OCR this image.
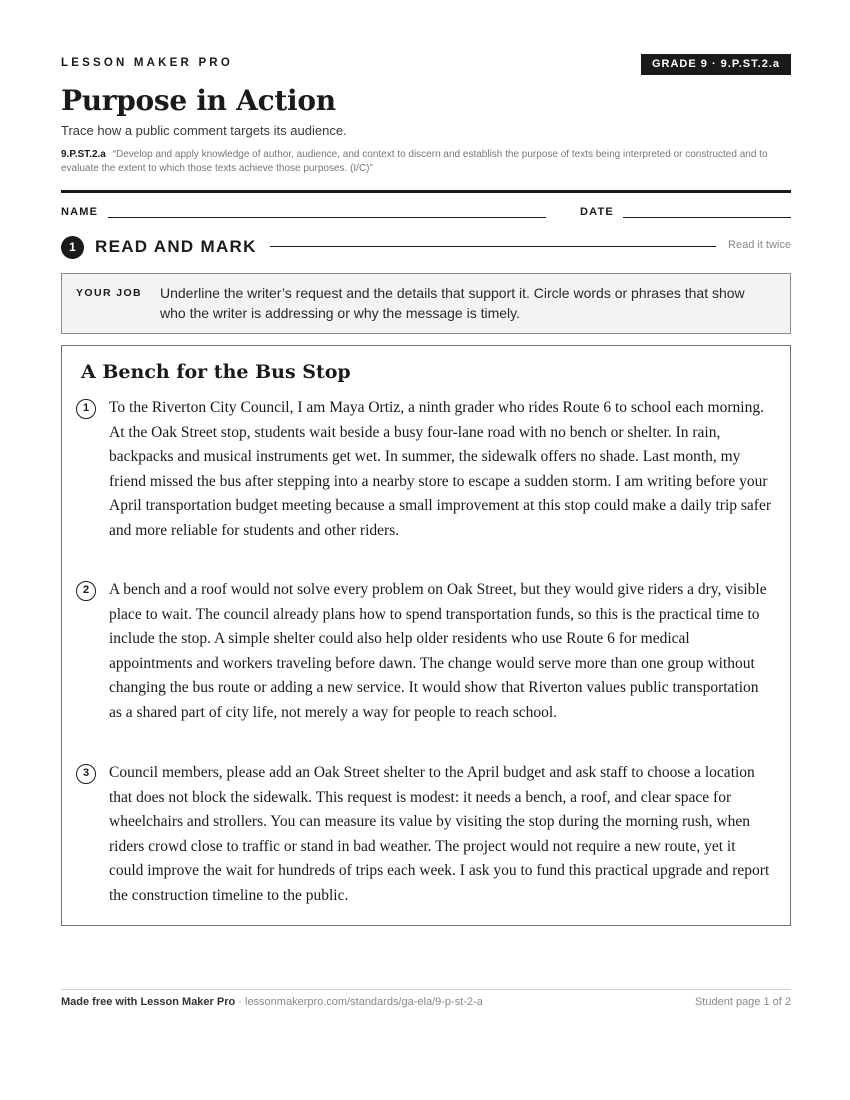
LESSON MAKER PRO	GRADE 9 · 9.P.ST.2.a
Purpose in Action
Trace how a public comment targets its audience.
9.P.ST.2.a “Develop and apply knowledge of author, audience, and context to discern and establish the purpose of texts being interpreted or constructed and to evaluate the extent to which those texts achieve those purposes. (I/C)”
NAME	DATE
1	READ AND MARK	Read it twice
YOUR JOB Underline the writer’s request and the details that support it. Circle words or phrases that show who the writer is addressing or why the message is timely.
A Bench for the Bus Stop
1	To the Riverton City Council, I am Maya Ortiz, a ninth grader who rides Route 6 to school each morning. At the Oak Street stop, students wait beside a busy four-lane road with no bench or shelter. In rain, backpacks and musical instruments get wet. In summer, the sidewalk offers no shade. Last month, my friend missed the bus after stepping into a nearby store to escape a sudden storm. I am writing before your April transportation budget meeting because a small improvement at this stop could make a daily trip safer and more reliable for students and other riders.

2	A bench and a roof would not solve every problem on Oak Street, but they would give riders a dry, visible place to wait. The council already plans how to spend transportation funds, so this is the practical time to include the stop. A simple shelter could also help older residents who use Route 6 for medical appointments and workers traveling before dawn. The change would serve more than one group without changing the bus route or adding a new service. It would show that Riverton values public transportation as a shared part of city life, not merely a way for people to reach school.

3	Council members, please add an Oak Street shelter to the April budget and ask staff to choose a location that does not block the sidewalk. This request is modest: it needs a bench, a roof, and clear space for wheelchairs and strollers. You can measure its value by visiting the stop during the morning rush, when riders crowd close to traffic or stand in bad weather. The project would not require a new route, yet it could improve the wait for hundreds of trips each week. I ask you to fund this practical upgrade and report the construction timeline to the public.

Made free with Lesson Maker Pro · lessonmakerpro.com/standards/ga-ela/9-p-st-2-a	Student page 1 of 2
